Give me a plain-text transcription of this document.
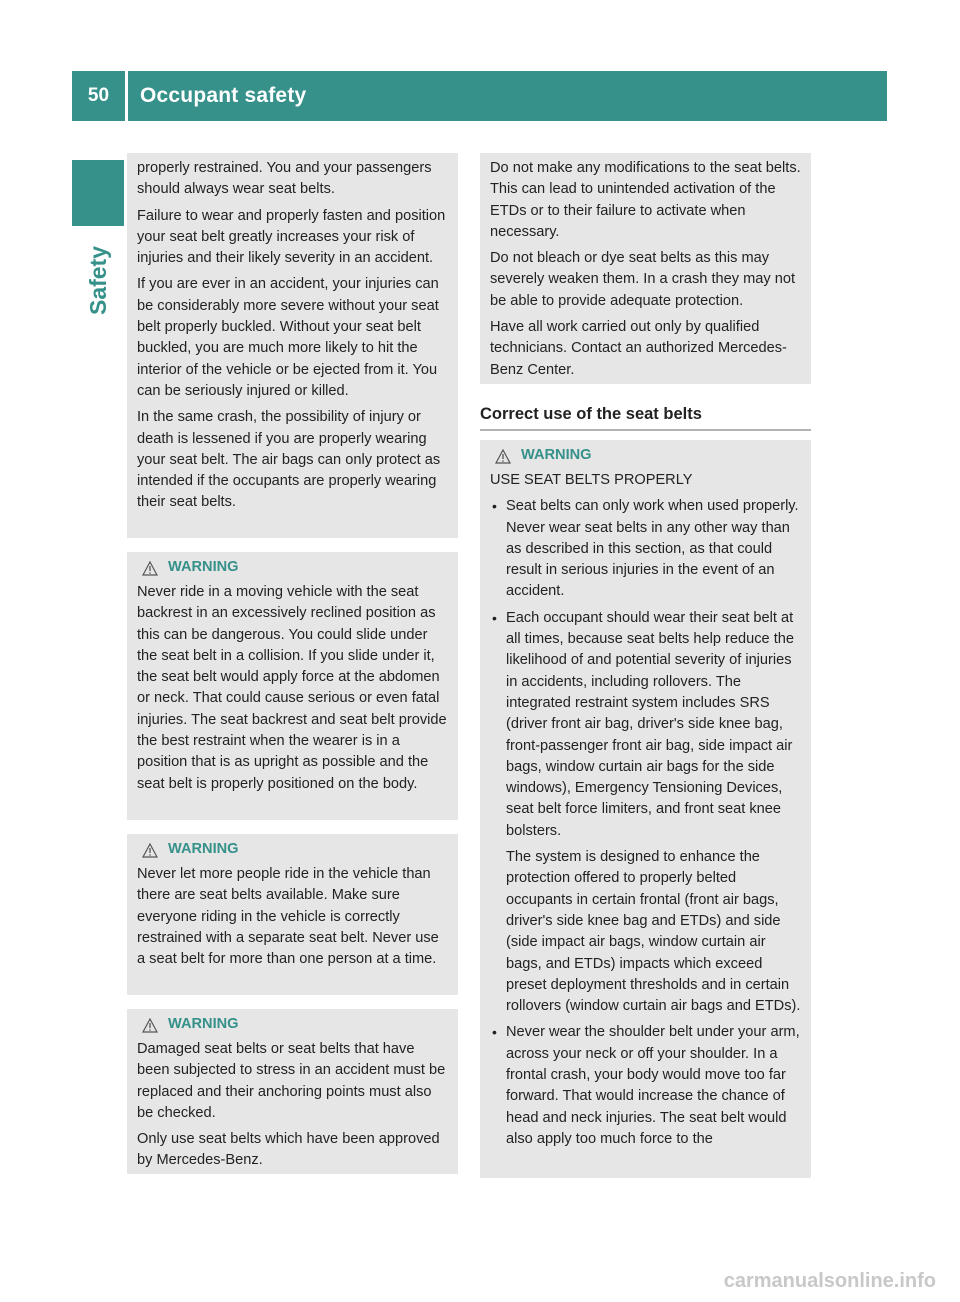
50	Occupant safety
Safety

properly restrained. You and your passengers should always wear seat belts.

Failure to wear and properly fasten and position your seat belt greatly increases your risk of injuries and their likely severity in an accident.

If you are ever in an accident, your injuries can be considerably more severe without your seat belt properly buckled. Without your seat belt buckled, you are much more likely to hit the interior of the vehicle or be ejected from it. You can be seriously injured or killed.

In the same crash, the possibility of injury or death is lessened if you are properly wearing your seat belt. The air bags can only protect as intended if the occupants are properly wearing their seat belts.

WARNING

Never ride in a moving vehicle with the seat backrest in an excessively reclined position as this can be dangerous. You could slide under the seat belt in a collision. If you slide under it, the seat belt would apply force at the abdomen or neck. That could cause serious or even fatal injuries. The seat backrest and seat belt provide the best restraint when the wearer is in a position that is as upright as possible and the seat belt is properly positioned on the body.

WARNING

Never let more people ride in the vehicle than there are seat belts available. Make sure everyone riding in the vehicle is correctly restrained with a separate seat belt. Never use a seat belt for more than one person at a time.

WARNING

Damaged seat belts or seat belts that have been subjected to stress in an accident must be replaced and their anchoring points must also be checked.

Only use seat belts which have been approved by Mercedes-Benz.

Do not make any modifications to the seat belts. This can lead to unintended activation of the ETDs or to their failure to activate when necessary.

Do not bleach or dye seat belts as this may severely weaken them. In a crash they may not be able to provide adequate protection.

Have all work carried out only by qualified technicians. Contact an authorized Mercedes-Benz Center.

Correct use of the seat belts
WARNING

USE SEAT BELTS PROPERLY

• Seat belts can only work when used properly. Never wear seat belts in any other way than as described in this section, as that could result in serious injuries in the event of an accident.

• Each occupant should wear their seat belt at all times, because seat belts help reduce the likelihood of and potential severity of injuries in accidents, including rollovers. The integrated restraint system includes SRS (driver front air bag, driver's side knee bag, front-passenger front air bag, side impact air bags, window curtain air bags for the side windows), Emergency Tensioning Devices, seat belt force limiters, and front seat knee bolsters.

The system is designed to enhance the protection offered to properly belted occupants in certain frontal (front air bags, driver's side knee bag and ETDs) and side (side impact air bags, window curtain air bags, and ETDs) impacts which exceed preset deployment thresholds and in certain rollovers (window curtain air bags and ETDs).

• Never wear the shoulder belt under your arm, across your neck or off your shoulder. In a frontal crash, your body would move too far forward. That would increase the chance of head and neck injuries. The seat belt would also apply too much force to the

carmanualsonline.info
